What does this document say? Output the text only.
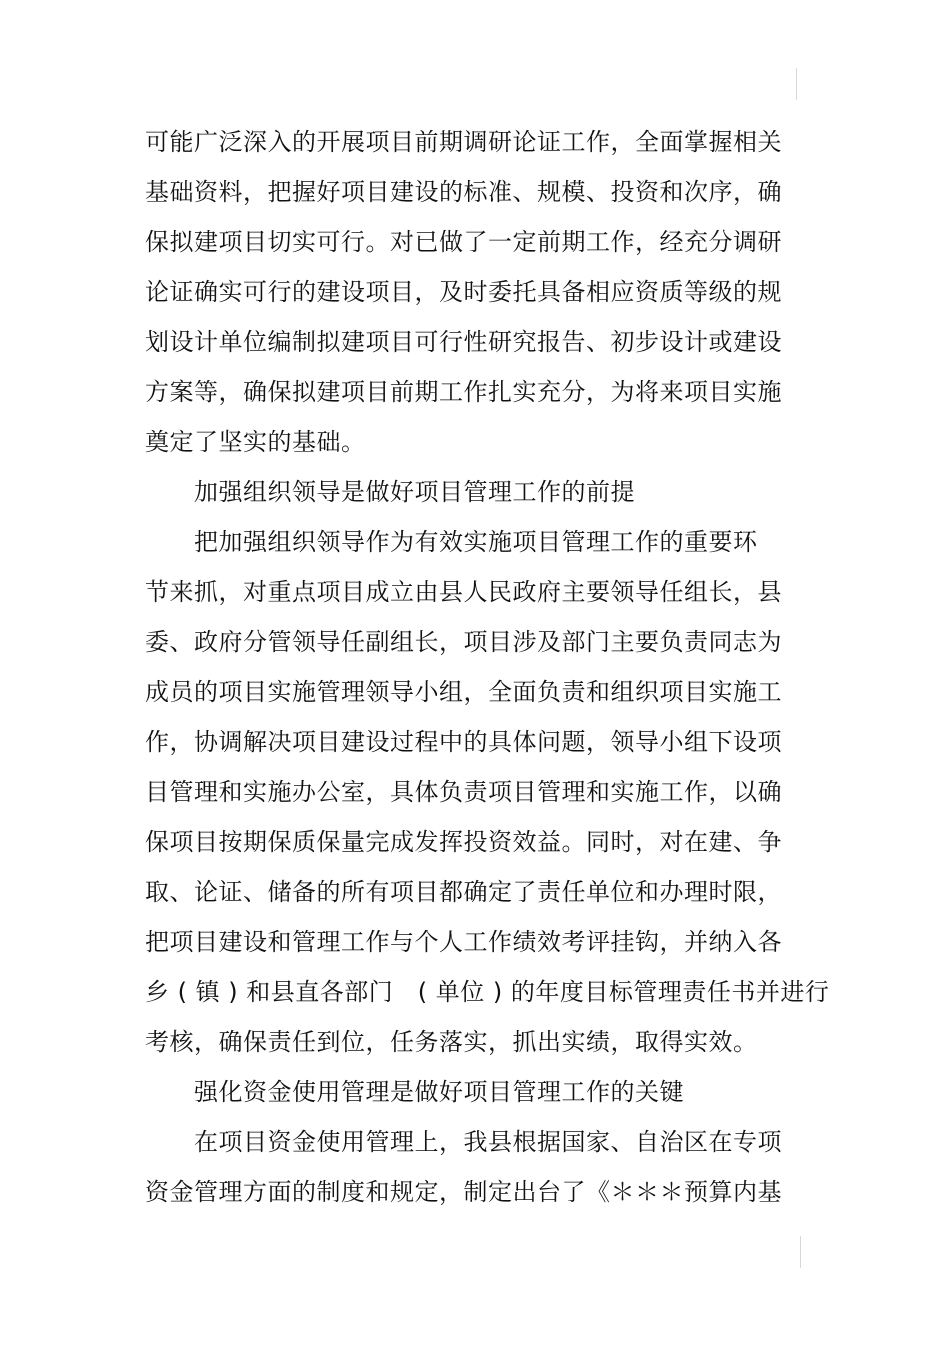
可能广泛深入的开展项目前期调研论证工作，全面掌握相关
基础资料，把握好项目建设的标准、规模、投资和次序，确
保拟建项目切实可行。对已做了一定前期工作，经充分调研
论证确实可行的建设项目，及时委托具备相应资质等级的规
划设计单位编制拟建项目可行性研究报告、初步设计或建设
方案等，确保拟建项目前期工作扎实充分，为将来项目实施
奠定了坚实的基础。
加强组织领导是做好项目管理工作的前提
把加强组织领导作为有效实施项目管理工作的重要环
节来抓，对重点项目成立由县人民政府主要领导任组长，县
委、政府分管领导任副组长，项目涉及部门主要负责同志为
成员的项目实施管理领导小组，全面负责和组织项目实施工
作，协调解决项目建设过程中的具体问题，领导小组下设项
目管理和实施办公室，具体负责项目管理和实施工作，以确
保项目按期保质保量完成发挥投资效益。同时，对在建、争
取、论证、储备的所有项目都确定了责任单位和办理时限，
把项目建设和管理工作与个人工作绩效考评挂钩，并纳入各
乡 ( 镇 ) 和县直各部门　( 单位 ) 的年度目标管理责任书并进行
考核，确保责任到位，任务落实，抓出实绩，取得实效。
强化资金使用管理是做好项目管理工作的关键
在项目资金使用管理上，我县根据国家、自治区在专项
资金管理方面的制度和规定，制定出台了《＊＊＊预算内基
